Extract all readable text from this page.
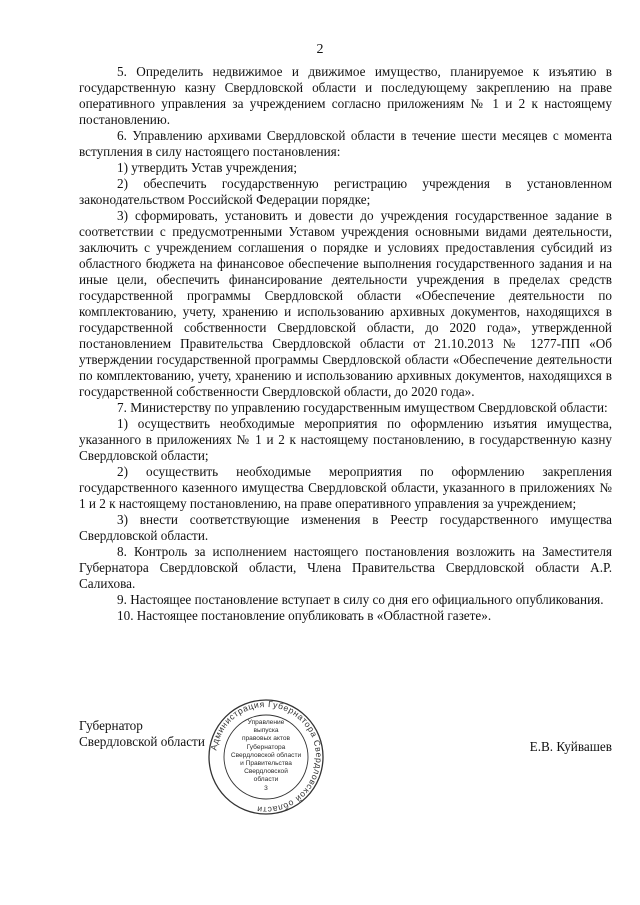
2

5. Определить недвижимое и движимое имущество, планируемое к изъятию в государственную казну Свердловской области и последующему закреплению на праве оперативного управления за учреждением согласно приложениям № 1 и 2 к настоящему постановлению.

6. Управлению архивами Свердловской области в течение шести месяцев с момента вступления в силу настоящего постановления:

1) утвердить Устав учреждения;

2) обеспечить государственную регистрацию учреждения в установленном законодательством Российской Федерации порядке;

3) сформировать, установить и довести до учреждения государственное задание в соответствии с предусмотренными Уставом учреждения основными видами деятельности, заключить с учреждением соглашения о порядке и условиях предоставления субсидий из областного бюджета на финансовое обеспечение выполнения государственного задания и на иные цели, обеспечить финансирование деятельности учреждения в пределах средств государственной программы Свердловской области «Обеспечение деятельности по комплектованию, учету, хранению и использованию архивных документов, находящихся в государственной собственности Свердловской области, до 2020 года», утвержденной постановлением Правительства Свердловской области от 21.10.2013 № 1277-ПП «Об утверждении государственной программы Свердловской области «Обеспечение деятельности по комплектованию, учету, хранению и использованию архивных документов, находящихся в государственной собственности Свердловской области, до 2020 года».

7. Министерству по управлению государственным имуществом Свердловской области:

1) осуществить необходимые мероприятия по оформлению изъятия имущества, указанного в приложениях № 1 и 2 к настоящему постановлению, в государственную казну Свердловской области;

2) осуществить необходимые мероприятия по оформлению закрепления государственного казенного имущества Свердловской области, указанного в приложениях № 1 и 2 к настоящему постановлению, на праве оперативного управления за учреждением;

3) внести соответствующие изменения в Реестр государственного имущества Свердловской области.

8. Контроль за исполнением настоящего постановления возложить на Заместителя Губернатора Свердловской области, Члена Правительства Свердловской области А.Р. Салихова.

9. Настоящее постановление вступает в силу со дня его официального опубликования.

10. Настоящее постановление опубликовать в «Областной газете».

Губернатор
Свердловской области Администрация Губернатора Свердловской области
Управление
выпуска
правовых актов
Губернатора
Свердловской области
и Правительства
Свердловской
области
3
Е.В. Куйвашев
